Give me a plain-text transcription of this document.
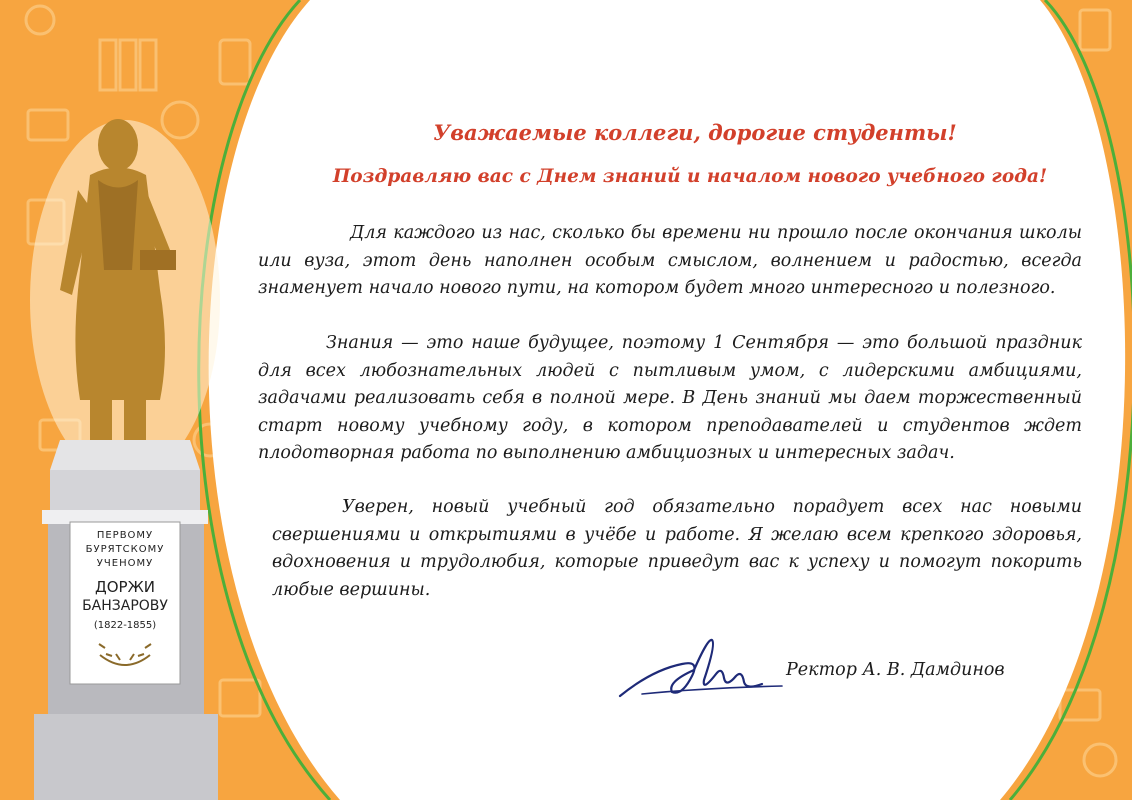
ПЕРВОМУ

БУРЯТСКОМУ

УЧЕНОМУ

ДОРЖИ

БАНЗАРОВУ

(1822-1855)

Уважаемые коллеги, дорогие студенты!
Поздравляю вас с Днем знаний и началом нового учебного года!

Для каждого из нас, сколько бы времени ни прошло после окончания школы или вуза, этот день наполнен особым смыслом, волнением и радостью, всегда знаменует начало нового пути, на котором будет много интересного и полезного.

Знания — это наше будущее, поэтому 1 Сентября — это большой праздник для всех любознательных людей с пытливым умом, с лидерскими амбициями, задачами реализовать себя в полной мере. В День знаний мы даем торжественный старт новому учебному году, в котором преподавателей и студентов ждет плодотворная работа по выполнению амбициозных и интересных задач.

Уверен, новый учебный год обязательно порадует всех нас новыми свершениями и открытиями в учёбе и работе. Я желаю всем крепкого здоровья, вдохновения и трудолюбия, которые приведут вас к успеху и помогут покорить любые вершины.

Ректор А. В. Дамдинов
